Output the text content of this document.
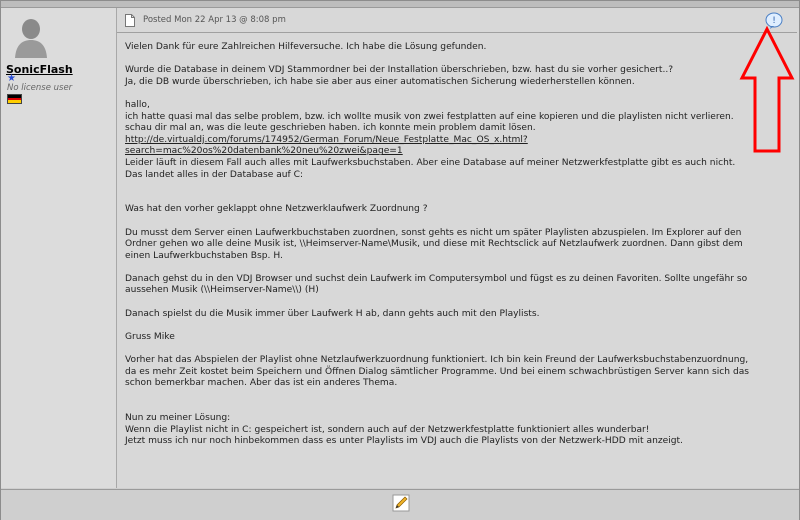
SonicFlash
★
No license user
Posted Mon 22 Apr 13 @ 8:08 pm	!

Vielen Dank für eure Zahlreichen Hilfeversuche. Ich habe die Lösung gefunden.

Wurde die Database in deinem VDJ Stammordner bei der Installation überschrieben, bzw. hast du sie vorher gesichert..?
Ja, die DB wurde überschrieben, ich habe sie aber aus einer automatischen Sicherung wiederherstellen können.

hallo,
ich hatte quasi mal das selbe problem, bzw. ich wollte musik von zwei festplatten auf eine kopieren und die playlisten nicht verlieren.
schau dir mal an, was die leute geschrieben haben. ich konnte mein problem damit lösen.

http://de.virtualdj.com/forums/174952/German_Forum/Neue_Festplatte_Mac_OS_x.html?search=mac%20os%20datenbank%20neu%20zwei&page=1

Leider läuft in diesem Fall auch alles mit Laufwerksbuchstaben. Aber eine Database auf meiner Netzwerkfestplatte gibt es auch nicht. Das landet alles in der Database auf C:

Was hat den vorher geklappt ohne Netzwerklaufwerk Zuordnung ?

Du musst dem Server einen Laufwerkbuchstaben zuordnen, sonst gehts es nicht um später Playlisten abzuspielen. Im Explorer auf den Ordner gehen wo alle deine Musik ist, \\Heimserver-Name\Musik, und diese mit Rechtsclick auf Netzlaufwerk zuordnen. Dann gibst dem einen Laufwerkbuchstaben Bsp. H.

Danach gehst du in den VDJ Browser und suchst dein Laufwerk im Computersymbol und fügst es zu deinen Favoriten. Sollte ungefähr so aussehen Musik (\\Heimserver-Name\\) (H)

Danach spielst du die Musik immer über Laufwerk H ab, dann gehts auch mit den Playlists.

Gruss Mike

Vorher hat das Abspielen der Playlist ohne Netzlaufwerkzuordnung funktioniert. Ich bin kein Freund der Laufwerksbuchstabenzuordnung, da es mehr Zeit kostet beim Speichern und Öffnen Dialog sämtlicher Programme. Und bei einem schwachbrüstigen Server kann sich das schon bemerkbar machen. Aber das ist ein anderes Thema.

Nun zu meiner Lösung:
Wenn die Playlist nicht in C: gespeichert ist, sondern auch auf der Netzwerkfestplatte funktioniert alles wunderbar!
Jetzt muss ich nur noch hinbekommen dass es unter Playlists im VDJ auch die Playlists von der Netzwerk-HDD mit anzeigt.
